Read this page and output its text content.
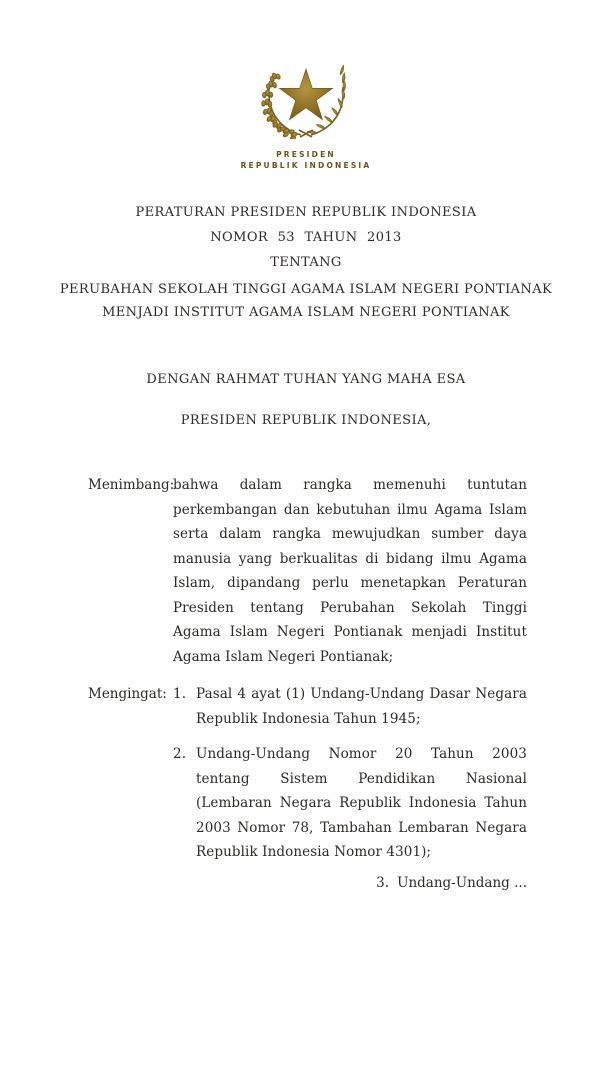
PRESIDEN
REPUBLIK INDONESIA
PERATURAN PRESIDEN REPUBLIK INDONESIA
NOMOR 53 TAHUN 2013
TENTANG
PERUBAHAN SEKOLAH TINGGI AGAMA ISLAM NEGERI PONTIANAK
MENJADI INSTITUT AGAMA ISLAM NEGERI PONTIANAK
DENGAN RAHMAT TUHAN YANG MAHA ESA
PRESIDEN REPUBLIK INDONESIA,
Menimbang :
bahwa dalam rangka memenuhi tuntutan perkembangan dan kebutuhan ilmu Agama Islam serta dalam rangka mewujudkan sumber daya manusia yang berkualitas di bidang ilmu Agama Islam, dipandang perlu menetapkan Peraturan Presiden tentang Perubahan Sekolah Tinggi Agama Islam Negeri Pontianak menjadi Institut Agama Islam Negeri Pontianak;
Mengingat : 1. Pasal 4 ayat (1) Undang-Undang Dasar Negara Republik Indonesia Tahun 1945;
2. Undang-Undang Nomor 20 Tahun 2003 tentang Sistem Pendidikan Nasional (Lembaran Negara Republik Indonesia Tahun 2003 Nomor 78, Tambahan Lembaran Negara Republik Indonesia Nomor 4301);
3. Undang-Undang ...
